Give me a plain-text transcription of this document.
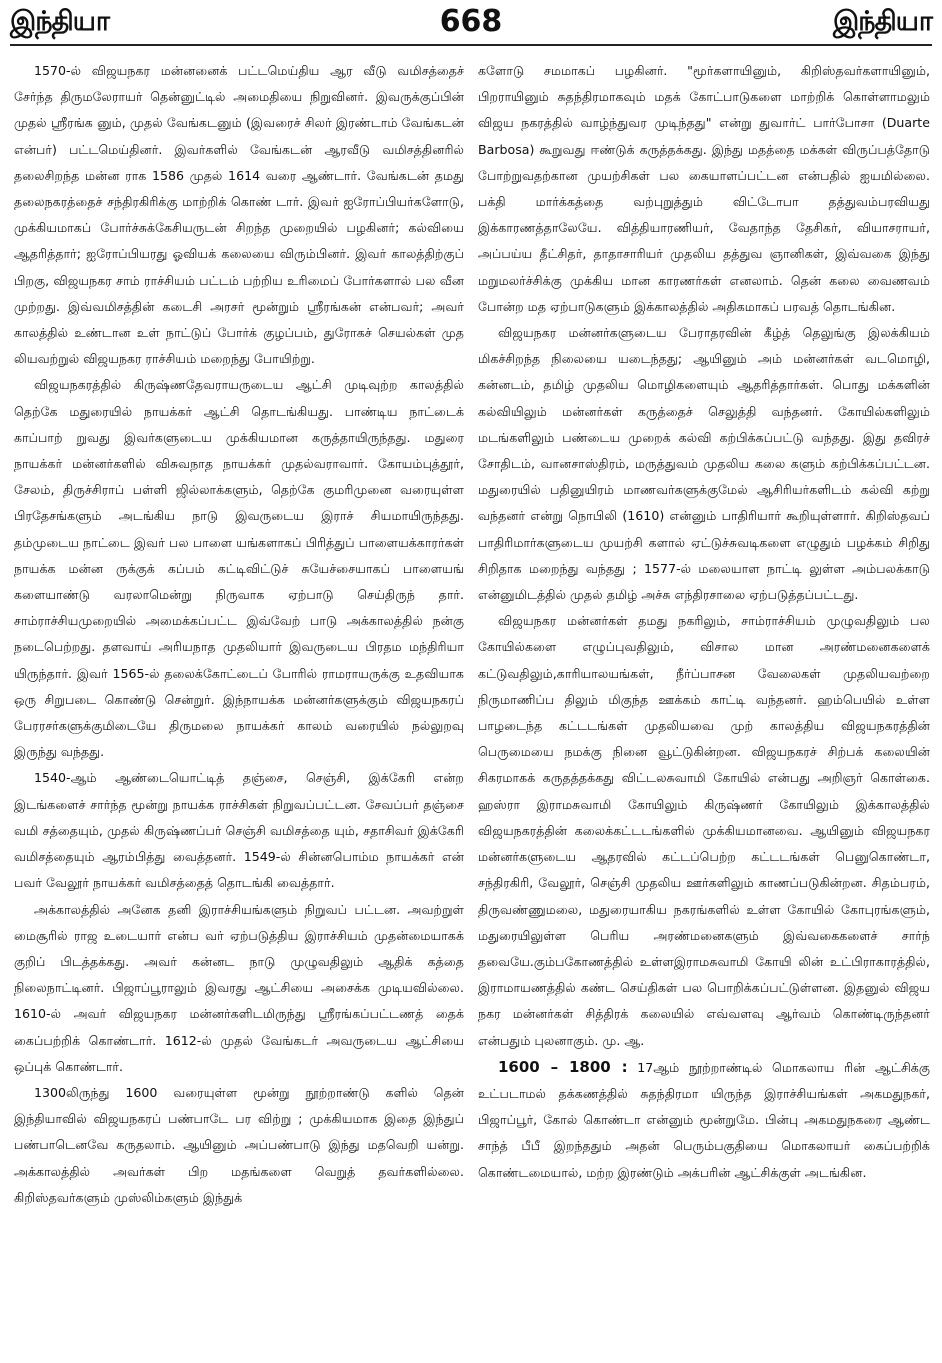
இந்தியா	668	இந்தியா

1570-ல் விஜயநகர மன்னனைக் பட்டமெய்திய ஆர வீடு வமிசத்தைச் சேர்ந்த திருமலேராயர் தென்னுட்டில் அமைதியை நிறுவினர். இவருக்குப்பின் முதல் ஸ்ரீரங்க னும், முதல் வேங்கடனும் (இவரைச் சிலர் இரண்டாம் வேங்கடன் என்பர்) பட்டமெய்தினர். இவர்களில் வேங்கடன் ஆரவீடு வமிசத்தினரில் தலைசிறந்த மன்ன ராக 1586 முதல் 1614 வரை ஆண்டார். வேங்கடன் தமது தலைநகரத்தைச் சந்திரகிரிக்கு மாற்றிக் கொண் டார். இவர் ஐரோப்பியர்களோடு, முக்கியமாகப் போர்ச்சுக்கேசியருடன் சிறந்த முறையில் பழகினர்; கல்வியை ஆதரித்தார்; ஐரோப்பியரது ஓவியக் கலையை விரும்பினர். இவர் காலத்திற்குப் பிறகு, விஜயநகர சாம் ராச்சியம் பட்டம் பற்றிய உரிமைப் போர்களால் பல வீன முற்றது. இவ்வமிசத்தின் கடைசி அரசர் மூன்றும் ஸ்ரீரங்கன் என்பவர்; அவர் காலத்தில் உண்டான உள் நாட்டுப் போர்க் குழப்பம், துரோகச் செயல்கள் முத லியவற்றுல் விஜயநகர ராச்சியம் மறைந்து போயிற்று.

விஜயநகரத்தில் கிருஷ்ணதேவராயருடைய ஆட்சி முடிவுற்ற காலத்தில் தெற்கே மதுரையில் நாயக்கர் ஆட்சி தொடங்கியது. பாண்டிய நாட்டைக் காப்பாற் றுவது இவர்களுடைய முக்கியமான கருத்தாயிருந்தது. மதுரை நாயக்கர் மன்னர்களில் விசுவநாத நாயக்கர் முதல்வராவார். கோயம்புத்தூர், சேலம், திருச்சிராப் பள்ளி ஜில்லாக்களும், தெற்கே குமரிமுனை வரையுள்ள பிரதேசங்களும் அடங்கிய நாடு இவருடைய இராச் சியமாயிருந்தது. தம்முடைய நாட்டை இவர் பல பாளை யங்களாகப் பிரித்துப் பாளையக்காரர்கள் நாயக்க மன்ன ருக்குக் கப்பம் கட்டிவிட்டுச் சுயேச்சையாகப் பாளையங் களையாண்டு வரலாமென்று நிருவாக ஏற்பாடு செய்திருந் தார். சாம்ராச்சியமுறையில் அமைக்கப்பட்ட இவ்வேற் பாடு அக்காலத்தில் நன்கு நடைபெற்றது. தளவாய் அரியநாத முதலியார் இவருடைய பிரதம மந்திரியா யிருந்தார். இவர் 1565-ல் தலைக்கோட்டைப் போரில் ராமராயருக்கு உதவியாக ஒரு சிறுபடை கொண்டு சென்றுர். இந்நாயக்க மன்னர்களுக்கும் விஜயநகரப் பேரரசர்களுக்குமிடையே திருமலை நாயக்கர் காலம் வரையில் நல்லுறவு இருந்து வந்தது.

1540-ஆம் ஆண்டையொட்டித் தஞ்சை, செஞ்சி, இக்கேரி என்ற இடங்களைச் சார்ந்த மூன்று நாயக்க ராச்சிகள் நிறுவப்பட்டன. சேவப்பர் தஞ்சை வமி சத்தையும், முதல் கிருஷ்ணப்பர் செஞ்சி வமிசத்தை யும், சதாசிவர் இக்கேரி வமிசத்தையும் ஆரம்பித்து வைத்தனர். 1549-ல் சின்னபொம்ம நாயக்கர் என் பவர் வேலூர் நாயக்கர் வமிசத்தைத் தொடங்கி வைத்தார்.

அக்காலத்தில் அனேக தனி இராச்சியங்களும் நிறுவப் பட்டன. அவற்றுள் மைசூரில் ராஜ உடையார் என்ப வர் ஏற்படுத்திய இராச்சியம் முதன்மையாகக் குறிப் பிடத்தக்கது. அவர் கன்னட நாடு முழுவதிலும் ஆதிக் கத்தை நிலைநாட்டினர். பிஜாப்பூராலும் இவரது ஆட்சியை அசைக்க முடியவில்லை. 1610-ல் அவர் விஜயநகர மன்னர்களிடமிருந்து ஸ்ரீரங்கப்பட்டணத் தைக் கைப்பற்றிக் கொண்டார். 1612-ல் முதல் வேங்கடர் அவருடைய ஆட்சியை ஒப்புக் கொண்டார்.

1300லிருந்து 1600 வரையுள்ள மூன்று நூற்றாண்டு களில் தென் இந்தியாவில் விஜயநகரப் பண்பாடே பர விற்று ; முக்கியமாக இதை இந்துப் பண்பாடெனவே கருதலாம். ஆயினும் அப்பண்பாடு இந்து மதவெறி யன்று. அக்காலத்தில் அவர்கள் பிற மதங்களை வெறுத் தவர்களில்லை. கிறிஸ்தவர்களும் முஸ்லிம்களும் இந்துக்

களோடு சமமாகப் பழகினர். "மூர்களாயினும், கிறிஸ்தவர்களாயினும், பிறராயினும் சுதந்திரமாகவும் மதக் கோட்பாடுகளை மாற்றிக் கொள்ளாமலும் விஜய நகரத்தில் வாழ்ந்துவர முடிந்தது" என்று துவார்ட் பார்போசா (Duarte Barbosa) கூறுவது ஈண்டுக் கருத்தக்கது. இந்து மதத்தை மக்கள் விருப்பத்தோடு போற்றுவதற்கான முயற்சிகள் பல கையாளப்பட்டன என்பதில் ஐயமில்லை. பக்தி மார்க்கத்தை வற்புறுத்தும் விட்டோபா தத்துவம்பரவியது இக்காரணத்தாலேயே. வித்தியாரணியர், வேதாந்த தேசிகர், வியாசராயர், அப்பய்ய தீட்சிதர், தாதாசாரியர் முதலிய தத்துவ ஞானிகள், இவ்வகை இந்து மறுமலர்ச்சிக்கு முக்கிய மான காரணர்கள் எனலாம். தென் கலை வைணவம் போன்ற மத ஏற்பாடுகளும் இக்காலத்தில் அதிகமாகப் பரவத் தொடங்கின.

விஜயநகர மன்னர்களுடைய பேராதரவின் கீழ்த் தெலுங்கு இலக்கியம் மிகச்சிறந்த நிலையை யடைந்தது; ஆயினும் அம் மன்னர்கள் வடமொழி, கன்னடம், தமிழ் முதலிய மொழிகளையும் ஆதரித்தார்கள். பொது மக்களின் கல்வியிலும் மன்னர்கள் கருத்தைச் செலுத்தி வந்தனர். கோயில்களிலும் மடங்களிலும் பண்டைய முறைக் கல்வி கற்பிக்கப்பட்டு வந்தது. இது தவிரச் சோதிடம், வானசாஸ்திரம், மருத்துவம் முதலிய கலை களும் கற்பிக்கப்பட்டன. மதுரையில் பதினுயிரம் மாணவர்களுக்குமேல் ஆசிரியர்களிடம் கல்வி கற்று வந்தனர் என்று நொபிலி (1610) என்னும் பாதிரியார் கூறியுள்ளார். கிறிஸ்தவப் பாதிரிமார்களுடைய முயற்சி களால் ஏட்டுச்சுவடிகளை எழுதும் பழக்கம் சிறிது சிறிதாக மறைந்து வந்தது ; 1577-ல் மலையாள நாட்டி லுள்ள அம்பலக்காடு என்னுமிடத்தில் முதல் தமிழ் அச்சு எந்திரசாலை ஏற்படுத்தப்பட்டது.

விஜயநகர மன்னர்கள் தமது நகரிலும், சாம்ராச்சியம் முழுவதிலும் பல கோயில்களை எழுப்புவதிலும், விசால மான அரண்மனைகளைக் கட்டுவதிலும்,காரியாலயங்கள், நீர்ப்பாசன வேலைகள் முதலியவற்றை நிருமாணிப்ப திலும் மிகுந்த ஊக்கம் காட்டி வந்தனர். ஹம்பெயில் உள்ள பாழடைந்த கட்டடங்கள் முதலியவை முற் காலத்திய விஜயநகரத்தின் பெருமையை நமக்கு நினை வூட்டுகின்றன. விஜயநகரச் சிற்பக் கலையின் சிகரமாகக் கருதத்தக்கது விட்டலசுவாமி கோயில் என்பது அறிஞர் கொள்கை. ஹஸ்ரா இராமசுவாமி கோயிலும் கிருஷ்ணர் கோயிலும் இக்காலத்தில் விஜயநகரத்தின் கலைக்கட்டடங்களில் முக்கியமானவை. ஆயினும் விஜயநகர மன்னர்களுடைய ஆதரவில் கட்டப்பெற்ற கட்டடங்கள் பெனுகொண்டா, சந்திரகிரி, வேலூர், செஞ்சி முதலிய ஊர்களிலும் காணப்படுகின்றன. சிதம்பரம், திருவண்ணுமலை, மதுரையாகிய நகரங்களில் உள்ள கோயில் கோபுரங்களும், மதுரையிலுள்ள பெரிய அரண்மனைகளும் இவ்வகைகளைச் சார்ந் தவையே.கும்பகோணத்தில் உள்ளஇராமசுவாமி கோயி லின் உட்பிராகாரத்தில், இராமாயணத்தில் கண்ட செய்திகள் பல பொறிக்கப்பட்டுள்ளன. இதனுல் விஜய நகர மன்னர்கள் சித்திரக் கலையில் எவ்வளவு ஆர்வம் கொண்டிருந்தனர் என்பதும் புலனாகும். மு. ஆ.

1600 – 1800 : 17ஆம் நூற்றாண்டில் மொகலாய ரின் ஆட்சிக்கு உட்படாமல் தக்கணத்தில் சுதந்திரமா யிருந்த இராச்சியங்கள் அகமதுநகர், பிஜாப்பூர், கோல் கொண்டா என்னும் மூன்றுமே. பின்பு அகமதுநகரை ஆண்ட சாந்த் பீபீ இறந்ததும் அதன் பெரும்பகுதியை மொகலாயர் கைப்பற்றிக் கொண்டமையால், மற்ற இரண்டும் அக்பரின் ஆட்சிக்குள் அடங்கின.
